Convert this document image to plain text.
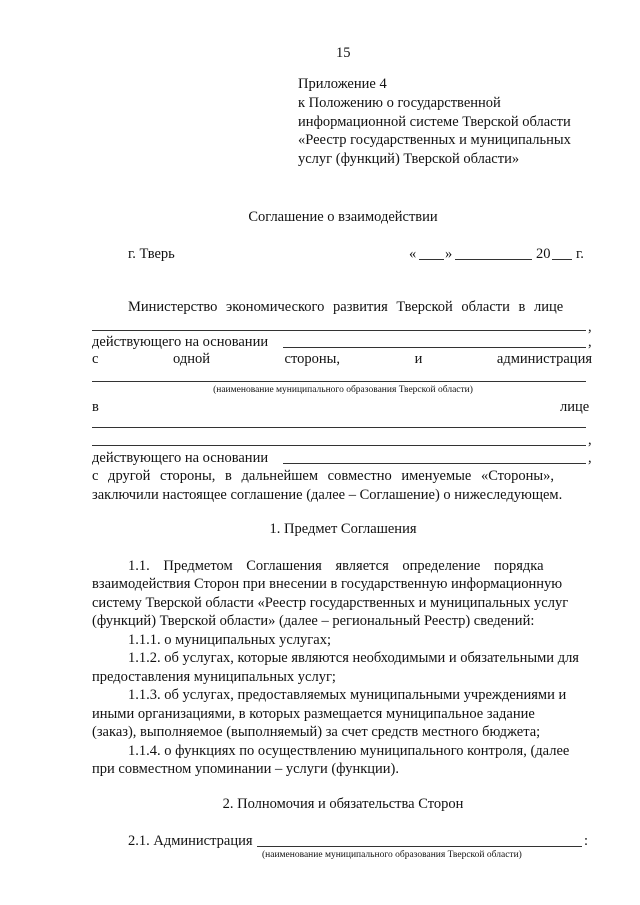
15
Приложение 4
к Положению о государственной
информационной системе Тверской области
«Реестр государственных и муниципальных
услуг (функций) Тверской области»
Соглашение о взаимодействии
г. Тверь	« »	20 г.
Министерство экономического развития Тверской области в лице
,
действующего на основании	,
с	одной	стороны,	и	администрация
(наименование муниципального образования Тверской области)
в	лице
,
действующего на основании	,
с другой стороны, в дальнейшем совместно именуемые «Стороны»,
заключили настоящее соглашение (далее – Соглашение) о нижеследующем.
1. Предмет Соглашения
1.1. Предметом Соглашения является определение порядка
взаимодействия Сторон при внесении в государственную информационную
систему Тверской области «Реестр государственных и муниципальных услуг
(функций) Тверской области» (далее – региональный Реестр) сведений:
1.1.1. о муниципальных услугах;
1.1.2. об услугах, которые являются необходимыми и обязательными для
предоставления муниципальных услуг;
1.1.3. об услугах, предоставляемых муниципальными учреждениями и
иными организациями, в которых размещается муниципальное задание
(заказ), выполняемое (выполняемый) за счет средств местного бюджета;
1.1.4. о функциях по осуществлению муниципального контроля, (далее
при совместном упоминании – услуги (функции).
2. Полномочия и обязательства Сторон
2.1. Администрация	:
(наименование муниципального образования Тверской области)
